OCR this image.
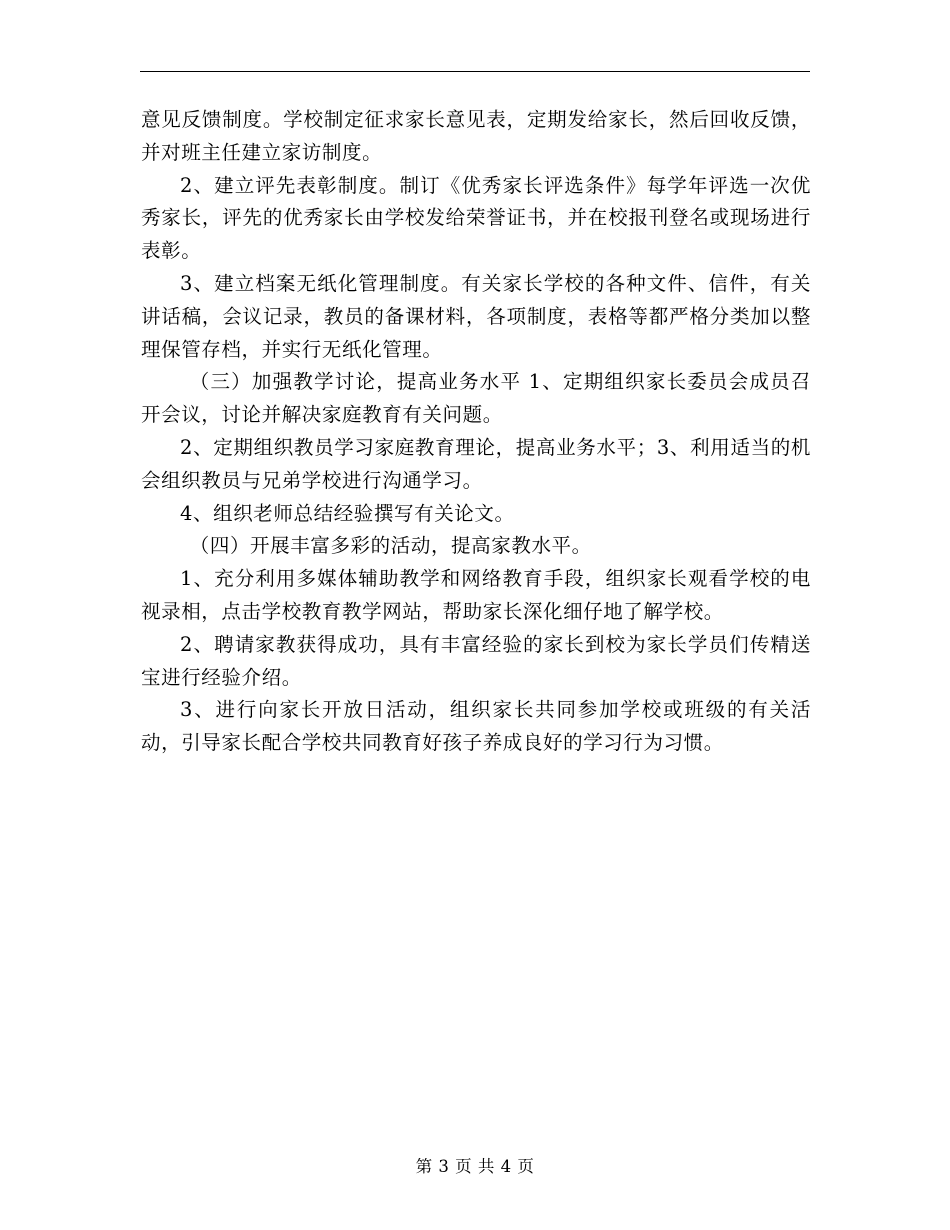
意见反馈制度。学校制定征求家长意见表，定期发给家长，然后回收反馈，并对班主任建立家访制度。

2、建立评先表彰制度。制订《优秀家长评选条件》每学年评选一次优秀家长，评先的优秀家长由学校发给荣誉证书，并在校报刊登名或现场进行表彰。

3、建立档案无纸化管理制度。有关家长学校的各种文件、信件，有关讲话稿，会议记录，教员的备课材料，各项制度，表格等都严格分类加以整理保管存档，并实行无纸化管理。

（三）加强教学讨论，提高业务水平 1、定期组织家长委员会成员召开会议，讨论并解决家庭教育有关问题。

2、定期组织教员学习家庭教育理论，提高业务水平；3、利用适当的机会组织教员与兄弟学校进行沟通学习。

4、组织老师总结经验撰写有关论文。

（四）开展丰富多彩的活动，提高家教水平。

1、充分利用多媒体辅助教学和网络教育手段，组织家长观看学校的电视录相，点击学校教育教学网站，帮助家长深化细仔地了解学校。

2、聘请家教获得成功，具有丰富经验的家长到校为家长学员们传精送宝进行经验介绍。

3、进行向家长开放日活动，组织家长共同参加学校或班级的有关活动，引导家长配合学校共同教育好孩子养成良好的学习行为习惯。

第 3 页 共 4 页
